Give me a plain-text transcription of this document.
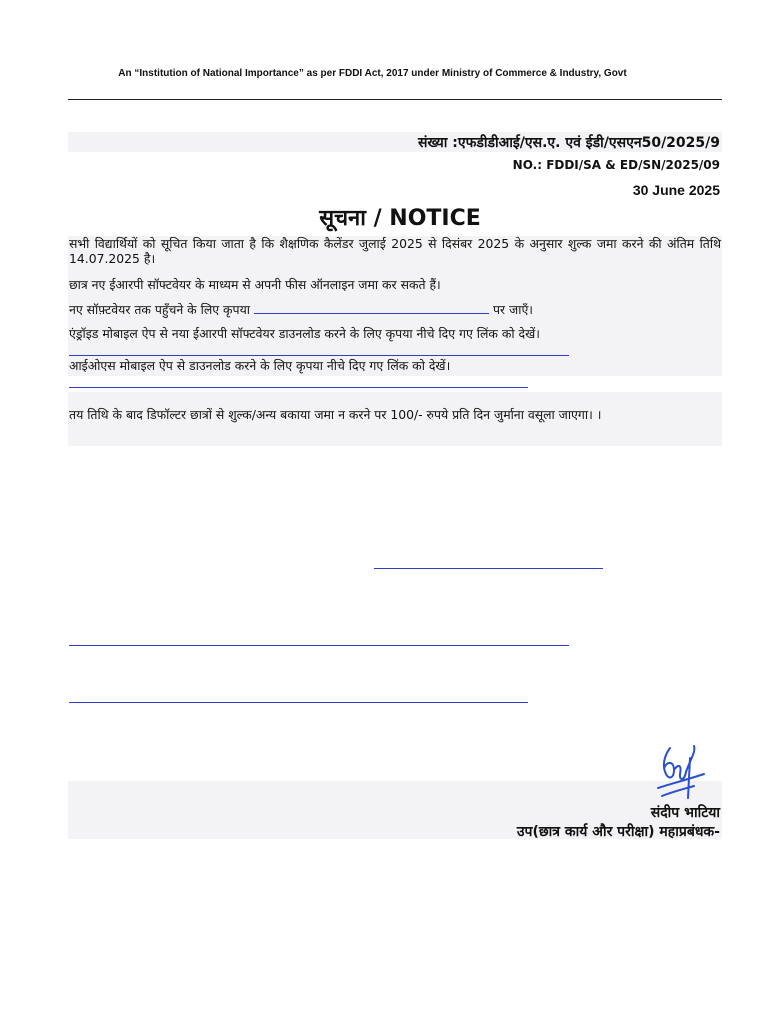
An “Institution of National Importance” as per FDDI Act, 2017 under Ministry of Commerce & Industry, Govt
संख्या :एफडीडीआई/एस.ए. एवं ईडी/एसएन50/2025/9
NO.: FDDI/SA & ED/SN/2025/09
30 June 2025
सूचना / NOTICE
सभी विद्यार्थियों को सूचित किया जाता है कि शैक्षणिक कैलेंडर जुलाई 2025 से दिसंबर 2025 के अनुसार शुल्क जमा करने की अंतिम तिथि 14.07.2025 है।
छात्र नए ईआरपी सॉफ्टवेयर के माध्यम से अपनी फीस ऑनलाइन जमा कर सकते हैं।
नए सॉफ़्टवेयर तक पहुँचने के लिए कृपया	पर जाएँ।
एंड्रॉइड मोबाइल ऐप से नया ईआरपी सॉफ्टवेयर डाउनलोड करने के लिए कृपया नीचे दिए गए लिंक को देखें।
आईओएस मोबाइल ऐप से डाउनलोड करने के लिए कृपया नीचे दिए गए लिंक को देखें।
तय तिथि के बाद डिफॉल्टर छात्रों से शुल्क/अन्य बकाया जमा न करने पर 100/- रुपये प्रति दिन जुर्माना वसूला जाएगा। ।
संदीप भाटिया
उप(छात्र कार्य और परीक्षा) महाप्रबंधक-
